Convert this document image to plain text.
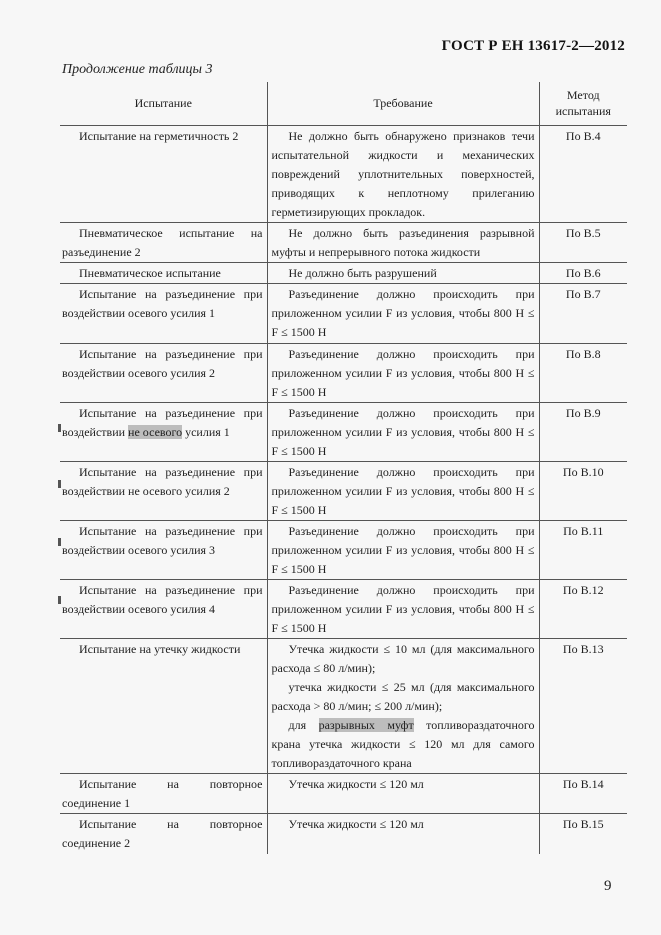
ГОСТ Р ЕН 13617-2—2012
Продолжение таблицы 3
Испытание	Требование	Метод испытания
Испытание на герметичность 2	Не должно быть обнаружено признаков течи испытательной жидкости и механических повреждений уплотнительных поверхностей, приводящих к неплотному прилеганию герметизирующих прокладок.	По В.4
Пневматическое испытание на разъединение 2	Не должно быть разъединения разрывной муфты и непрерывного потока жидкости	По В.5
Пневматическое испытание	Не должно быть разрушений	По В.6
Испытание на разъединение при воздействии осевого усилия 1	Разъединение должно происходить при приложенном усилии F из условия, чтобы 800 Н ≤ F ≤ 1500 Н	По В.7
Испытание на разъединение при воздействии осевого усилия 2	Разъединение должно происходить при приложенном усилии F из условия, чтобы 800 Н ≤ F ≤ 1500 Н	По В.8
Испытание на разъединение при воздействии не осевого усилия 1	Разъединение должно происходить при приложенном усилии F из условия, чтобы 800 Н ≤ F ≤ 1500 Н	По В.9
Испытание на разъединение при воздействии не осевого усилия 2	Разъединение должно происходить при приложенном усилии F из условия, чтобы 800 Н ≤ F ≤ 1500 Н	По В.10
Испытание на разъединение при воздействии осевого усилия 3	Разъединение должно происходить при приложенном усилии F из условия, чтобы 800 Н ≤ F ≤ 1500 Н	По В.11
Испытание на разъединение при воздействии осевого усилия 4	Разъединение должно происходить при приложенном усилии F из условия, чтобы 800 Н ≤ F ≤ 1500 Н	По В.12
Испытание на утечку жидкости	Утечка жидкости ≤ 10 мл (для максимального расхода ≤ 80 л/мин);
утечка жидкости ≤ 25 мл (для максимального расхода > 80 л/мин; ≤ 200 л/мин);
для разрывных муфт топливораздаточного крана утечка жидкости ≤ 120 мл для самого топливораздаточного крана	По В.13
Испытание на повторное соединение 1	Утечка жидкости ≤ 120 мл	По В.14
Испытание на повторное соединение 2	Утечка жидкости ≤ 120 мл	По В.15
9
